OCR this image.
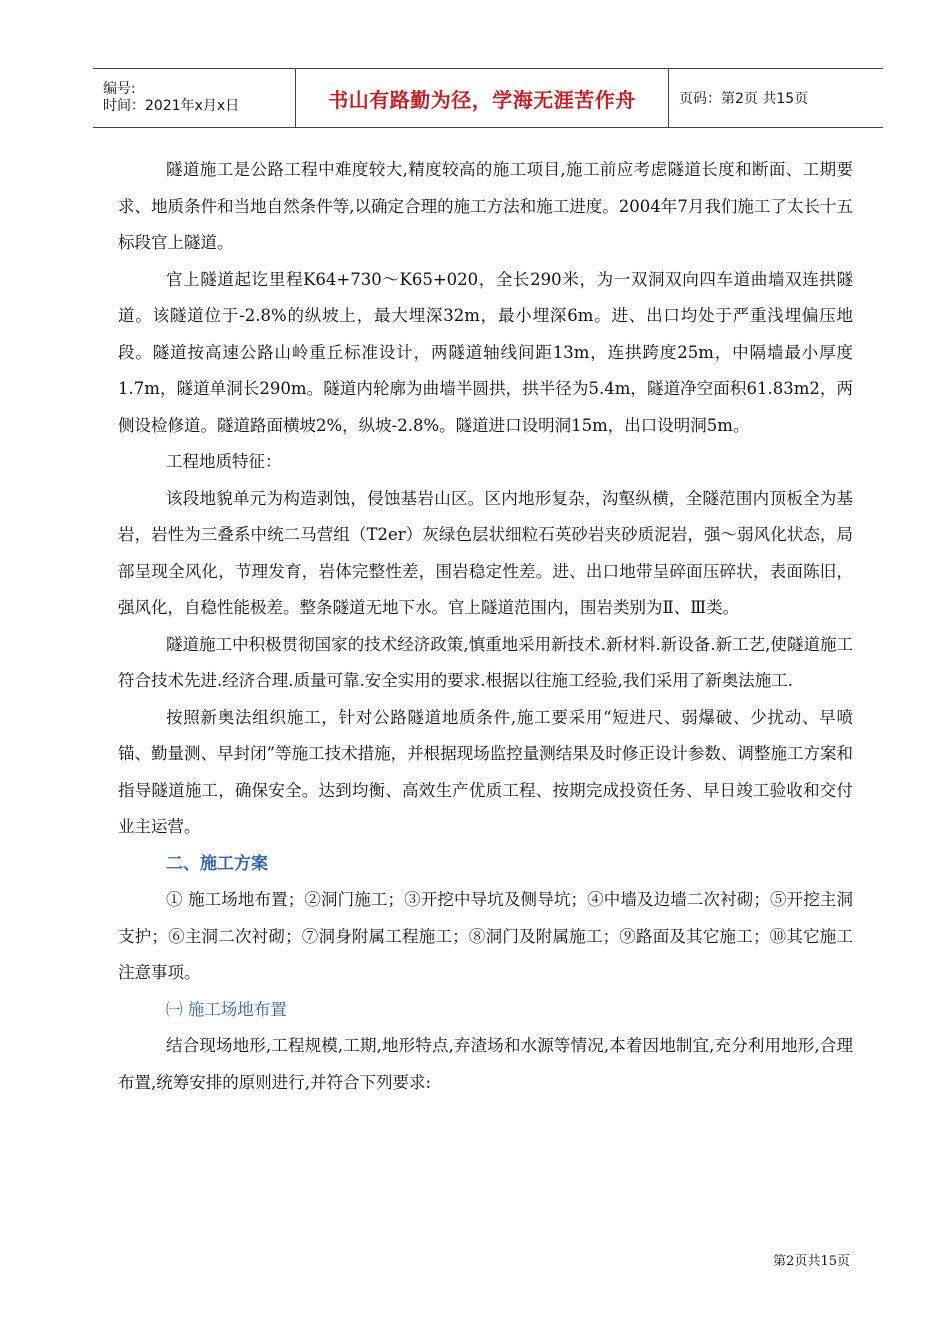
编号:
时间：2021年x月x日	书山有路勤为径，学海无涯苦作舟	页码：第2页 共15页

隧道施工是公路工程中难度较大,精度较高的施工项目,施工前应考虑隧道长度和断面、工期要求、地质条件和当地自然条件等,以确定合理的施工方法和施工进度。2004年7月我们施工了太长十五标段官上隧道。

官上隧道起讫里程K64+730～K65+020，全长290米，为一双洞双向四车道曲墙双连拱隧道。该隧道位于-2.8%的纵坡上，最大埋深32m，最小埋深6m。进、出口均处于严重浅埋偏压地段。隧道按高速公路山岭重丘标准设计，两隧道轴线间距13m，连拱跨度25m，中隔墙最小厚度1.7m，隧道单洞长290m。隧道内轮廓为曲墙半圆拱，拱半径为5.4m，隧道净空面积61.83m2，两侧设检修道。隧道路面横坡2%，纵坡-2.8%。隧道进口设明洞15m，出口设明洞5m。

工程地质特征：

该段地貌单元为构造剥蚀，侵蚀基岩山区。区内地形复杂，沟壑纵横，全隧范围内顶板全为基岩，岩性为三叠系中统二马营组（T2er）灰绿色层状细粒石英砂岩夹砂质泥岩，强～弱风化状态，局部呈现全风化，节理发育，岩体完整性差，围岩稳定性差。进、出口地带呈碎面压碎状，表面陈旧，强风化，自稳性能极差。整条隧道无地下水。官上隧道范围内，围岩类别为Ⅱ、Ⅲ类。

隧道施工中积极贯彻国家的技术经济政策,慎重地采用新技术.新材料.新设备.新工艺,使隧道施工符合技术先进.经济合理.质量可靠.安全实用的要求.根据以往施工经验,我们采用了新奥法施工.

按照新奥法组织施工，针对公路隧道地质条件,施工要采用“短进尺、弱爆破、少扰动、早喷锚、勤量测、早封闭”等施工技术措施，并根据现场监控量测结果及时修正设计参数、调整施工方案和指导隧道施工，确保安全。达到均衡、高效生产优质工程、按期完成投资任务、早日竣工验收和交付业主运营。

二、施工方案

① 施工场地布置；②洞门施工；③开挖中导坑及侧导坑；④中墙及边墙二次衬砌；⑤开挖主洞支护；⑥主洞二次衬砌；⑦洞身附属工程施工；⑧洞门及附属施工；⑨路面及其它施工；⑩其它施工注意事项。

㈠ 施工场地布置

结合现场地形,工程规模,工期,地形特点,弃渣场和水源等情况,本着因地制宜,充分利用地形,合理布置,统筹安排的原则进行,并符合下列要求:

第2页共15页
